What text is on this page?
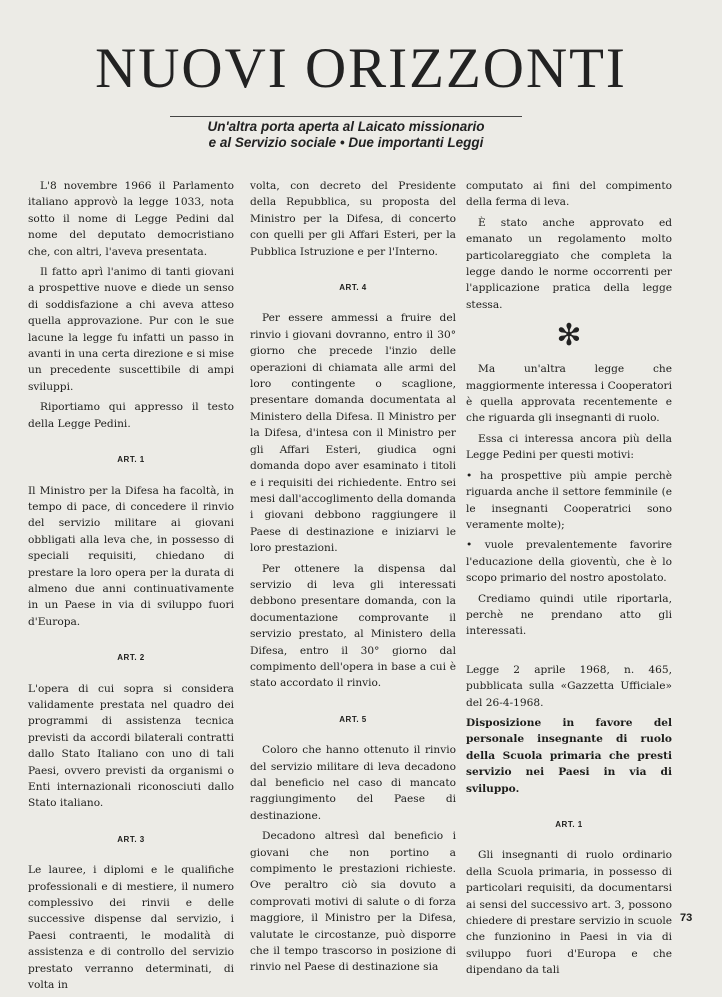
NUOVI ORIZZONTI
Un'altra porta aperta al Laicato missionario
e al Servizio sociale • Due importanti Leggi

L'8 novembre 1966 il Parlamento italiano approvò la legge 1033, nota sotto il nome di Legge Pedini dal nome del deputato democristiano che, con altri, l'aveva presentata.

Il fatto aprì l'animo di tanti giovani a prospettive nuove e diede un senso di soddisfazione a chi aveva atteso quella approvazione. Pur con le sue lacune la legge fu infatti un passo in avanti in una certa direzione e si mise un precedente suscettibile di ampi sviluppi.

Riportiamo qui appresso il testo della Legge Pedini.

ART. 1

Il Ministro per la Difesa ha facoltà, in tempo di pace, di concedere il rinvio del servizio militare ai giovani obbligati alla leva che, in possesso di speciali requisiti, chiedano di prestare la loro opera per la durata di almeno due anni continuativamente in un Paese in via di sviluppo fuori d'Europa.

ART. 2

L'opera di cui sopra si considera validamente prestata nel quadro dei programmi di assistenza tecnica previsti da accordi bilaterali contratti dallo Stato Italiano con uno di tali Paesi, ovvero previsti da organismi o Enti internazionali riconosciuti dallo Stato italiano.

ART. 3

Le lauree, i diplomi e le qualifiche professionali e di mestiere, il numero complessivo dei rinvii e delle successive dispense dal servizio, i Paesi contraenti, le modalità di assistenza e di controllo del servizio prestato verranno determinati, di volta in

volta, con decreto del Presidente della Repubblica, su proposta del Ministro per la Difesa, di concerto con quelli per gli Affari Esteri, per la Pubblica Istruzione e per l'Interno.

ART. 4

Per essere ammessi a fruire del rinvio i giovani dovranno, entro il 30° giorno che precede l'inzio delle operazioni di chiamata alle armi del loro contingente o scaglione, presentare domanda documentata al Ministero della Difesa. Il Ministro per la Difesa, d'intesa con il Ministro per gli Affari Esteri, giudica ogni domanda dopo aver esaminato i titoli e i requisiti dei richiedente. Entro sei mesi dall'accoglimento della domanda i giovani debbono raggiungere il Paese di destinazione e iniziarvi le loro prestazioni.

Per ottenere la dispensa dal servizio di leva gli interessati debbono presentare domanda, con la documentazione comprovante il servizio prestato, al Ministero della Difesa, entro il 30° giorno dal compimento dell'opera in base a cui è stato accordato il rinvio.

ART. 5

Coloro che hanno ottenuto il rinvio del servizio militare di leva decadono dal beneficio nel caso di mancato raggiungimento del Paese di destinazione.

Decadono altresì dal beneficio i giovani che non portino a compimento le prestazioni richieste. Ove peraltro ciò sia dovuto a comprovati motivi di salute o di forza maggiore, il Ministro per la Difesa, valutate le circostanze, può disporre che il tempo trascorso in posizione di rinvio nel Paese di destinazione sia

computato ai fini del compimento della ferma di leva.

È stato anche approvato ed emanato un regolamento molto particolareggiato che completa la legge dando le norme occorrenti per l'applicazione pratica della legge stessa.

✻

Ma un'altra legge che maggiormente interessa i Cooperatori è quella approvata recentemente e che riguarda gli insegnanti di ruolo.

Essa ci interessa ancora più della Legge Pedini per questi motivi:

• ha prospettive più ampie perchè riguarda anche il settore femminile (e le insegnanti Cooperatrici sono veramente molte);

• vuole prevalentemente favorire l'educazione della gioventù, che è lo scopo primario del nostro apostolato.

Crediamo quindi utile riportarla, perchè ne prendano atto gli interessati.

Legge 2 aprile 1968, n. 465, pubblicata sulla «Gazzetta Ufficiale» del 26-4-1968.

Disposizione in favore del personale insegnante di ruolo della Scuola primaria che presti servizio nei Paesi in via di sviluppo.

ART. 1

Gli insegnanti di ruolo ordinario della Scuola primaria, in possesso di particolari requisiti, da documentarsi ai sensi del successivo art. 3, possono chiedere di prestare servizio in scuole che funzionino in Paesi in via di sviluppo fuori d'Europa e che dipendano da tali

73
